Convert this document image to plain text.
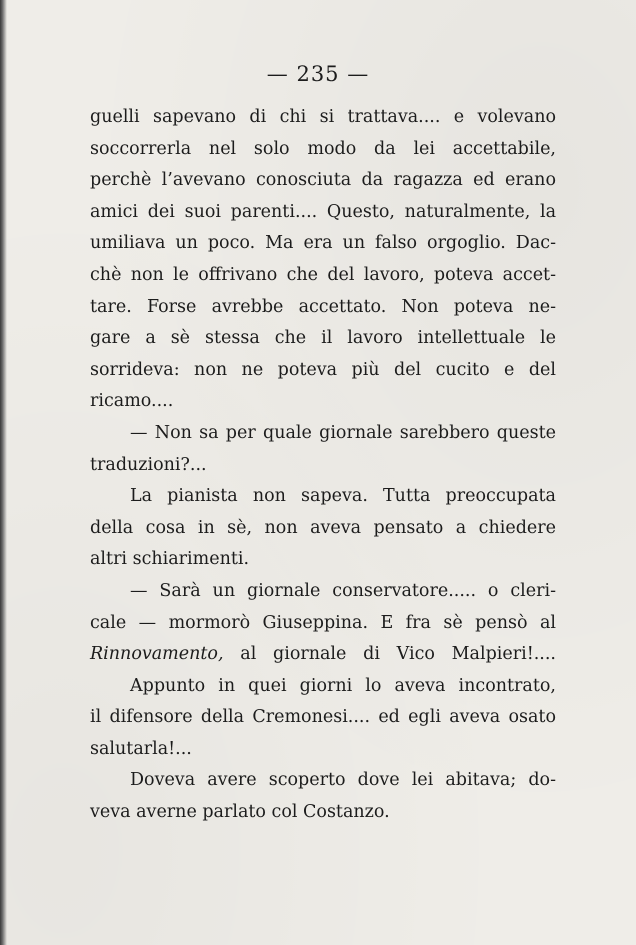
— 235 —
guelli sapevano di chi si trattava.... e volevano
soccorrerla nel solo modo da lei accettabile,
perchè l’avevano conosciuta da ragazza ed erano
amici dei suoi parenti.... Questo, naturalmente, la
umiliava un poco. Ma era un falso orgoglio. Dac-
chè non le offrivano che del lavoro, poteva accet-
tare. Forse avrebbe accettato. Non poteva ne-
gare a sè stessa che il lavoro intellettuale le
sorrideva: non ne poteva più del cucito e del
ricamo....
— Non sa per quale giornale sarebbero queste
traduzioni?...
La pianista non sapeva. Tutta preoccupata
della cosa in sè, non aveva pensato a chiedere
altri schiarimenti.
— Sarà un giornale conservatore..... o cleri-
cale — mormorò Giuseppina. E fra sè pensò al
Rinnovamento, al giornale di Vico Malpieri!....
Appunto in quei giorni lo aveva incontrato,
il difensore della Cremonesi.... ed egli aveva osato
salutarla!...
Doveva avere scoperto dove lei abitava; do-
veva averne parlato col Costanzo.
